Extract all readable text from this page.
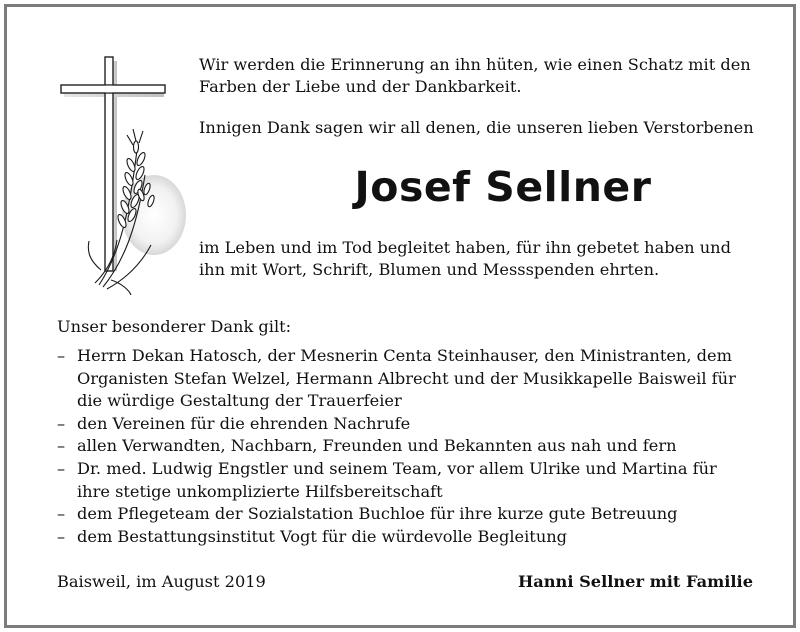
Wir werden die Erinnerung an ihn hüten, wie einen Schatz mit den
Farben der Liebe und der Dankbarkeit.

Innigen Dank sagen wir all denen, die unseren lieben Verstorbenen

Josef Sellner

im Leben und im Tod begleitet haben, für ihn gebetet haben und
ihn mit Wort, Schrift, Blumen und Messspenden ehrten.

Unser besonderer Dank gilt:

– Herrn Dekan Hatosch, der Mesnerin Centa Steinhauser, den Ministranten, dem
Organisten Stefan Welzel, Hermann Albrecht und der Musikkapelle Baisweil für
die würdige Gestaltung der Trauerfeier
– den Vereinen für die ehrenden Nachrufe
– allen Verwandten, Nachbarn, Freunden und Bekannten aus nah und fern
– Dr. med. Ludwig Engstler und seinem Team, vor allem Ulrike und Martina für
ihre stetige unkomplizierte Hilfsbereitschaft
– dem Pflegeteam der Sozialstation Buchloe für ihre kurze gute Betreuung
– dem Bestattungsinstitut Vogt für die würdevolle Begleitung

Baisweil, im August 2019	Hanni Sellner mit Familie
